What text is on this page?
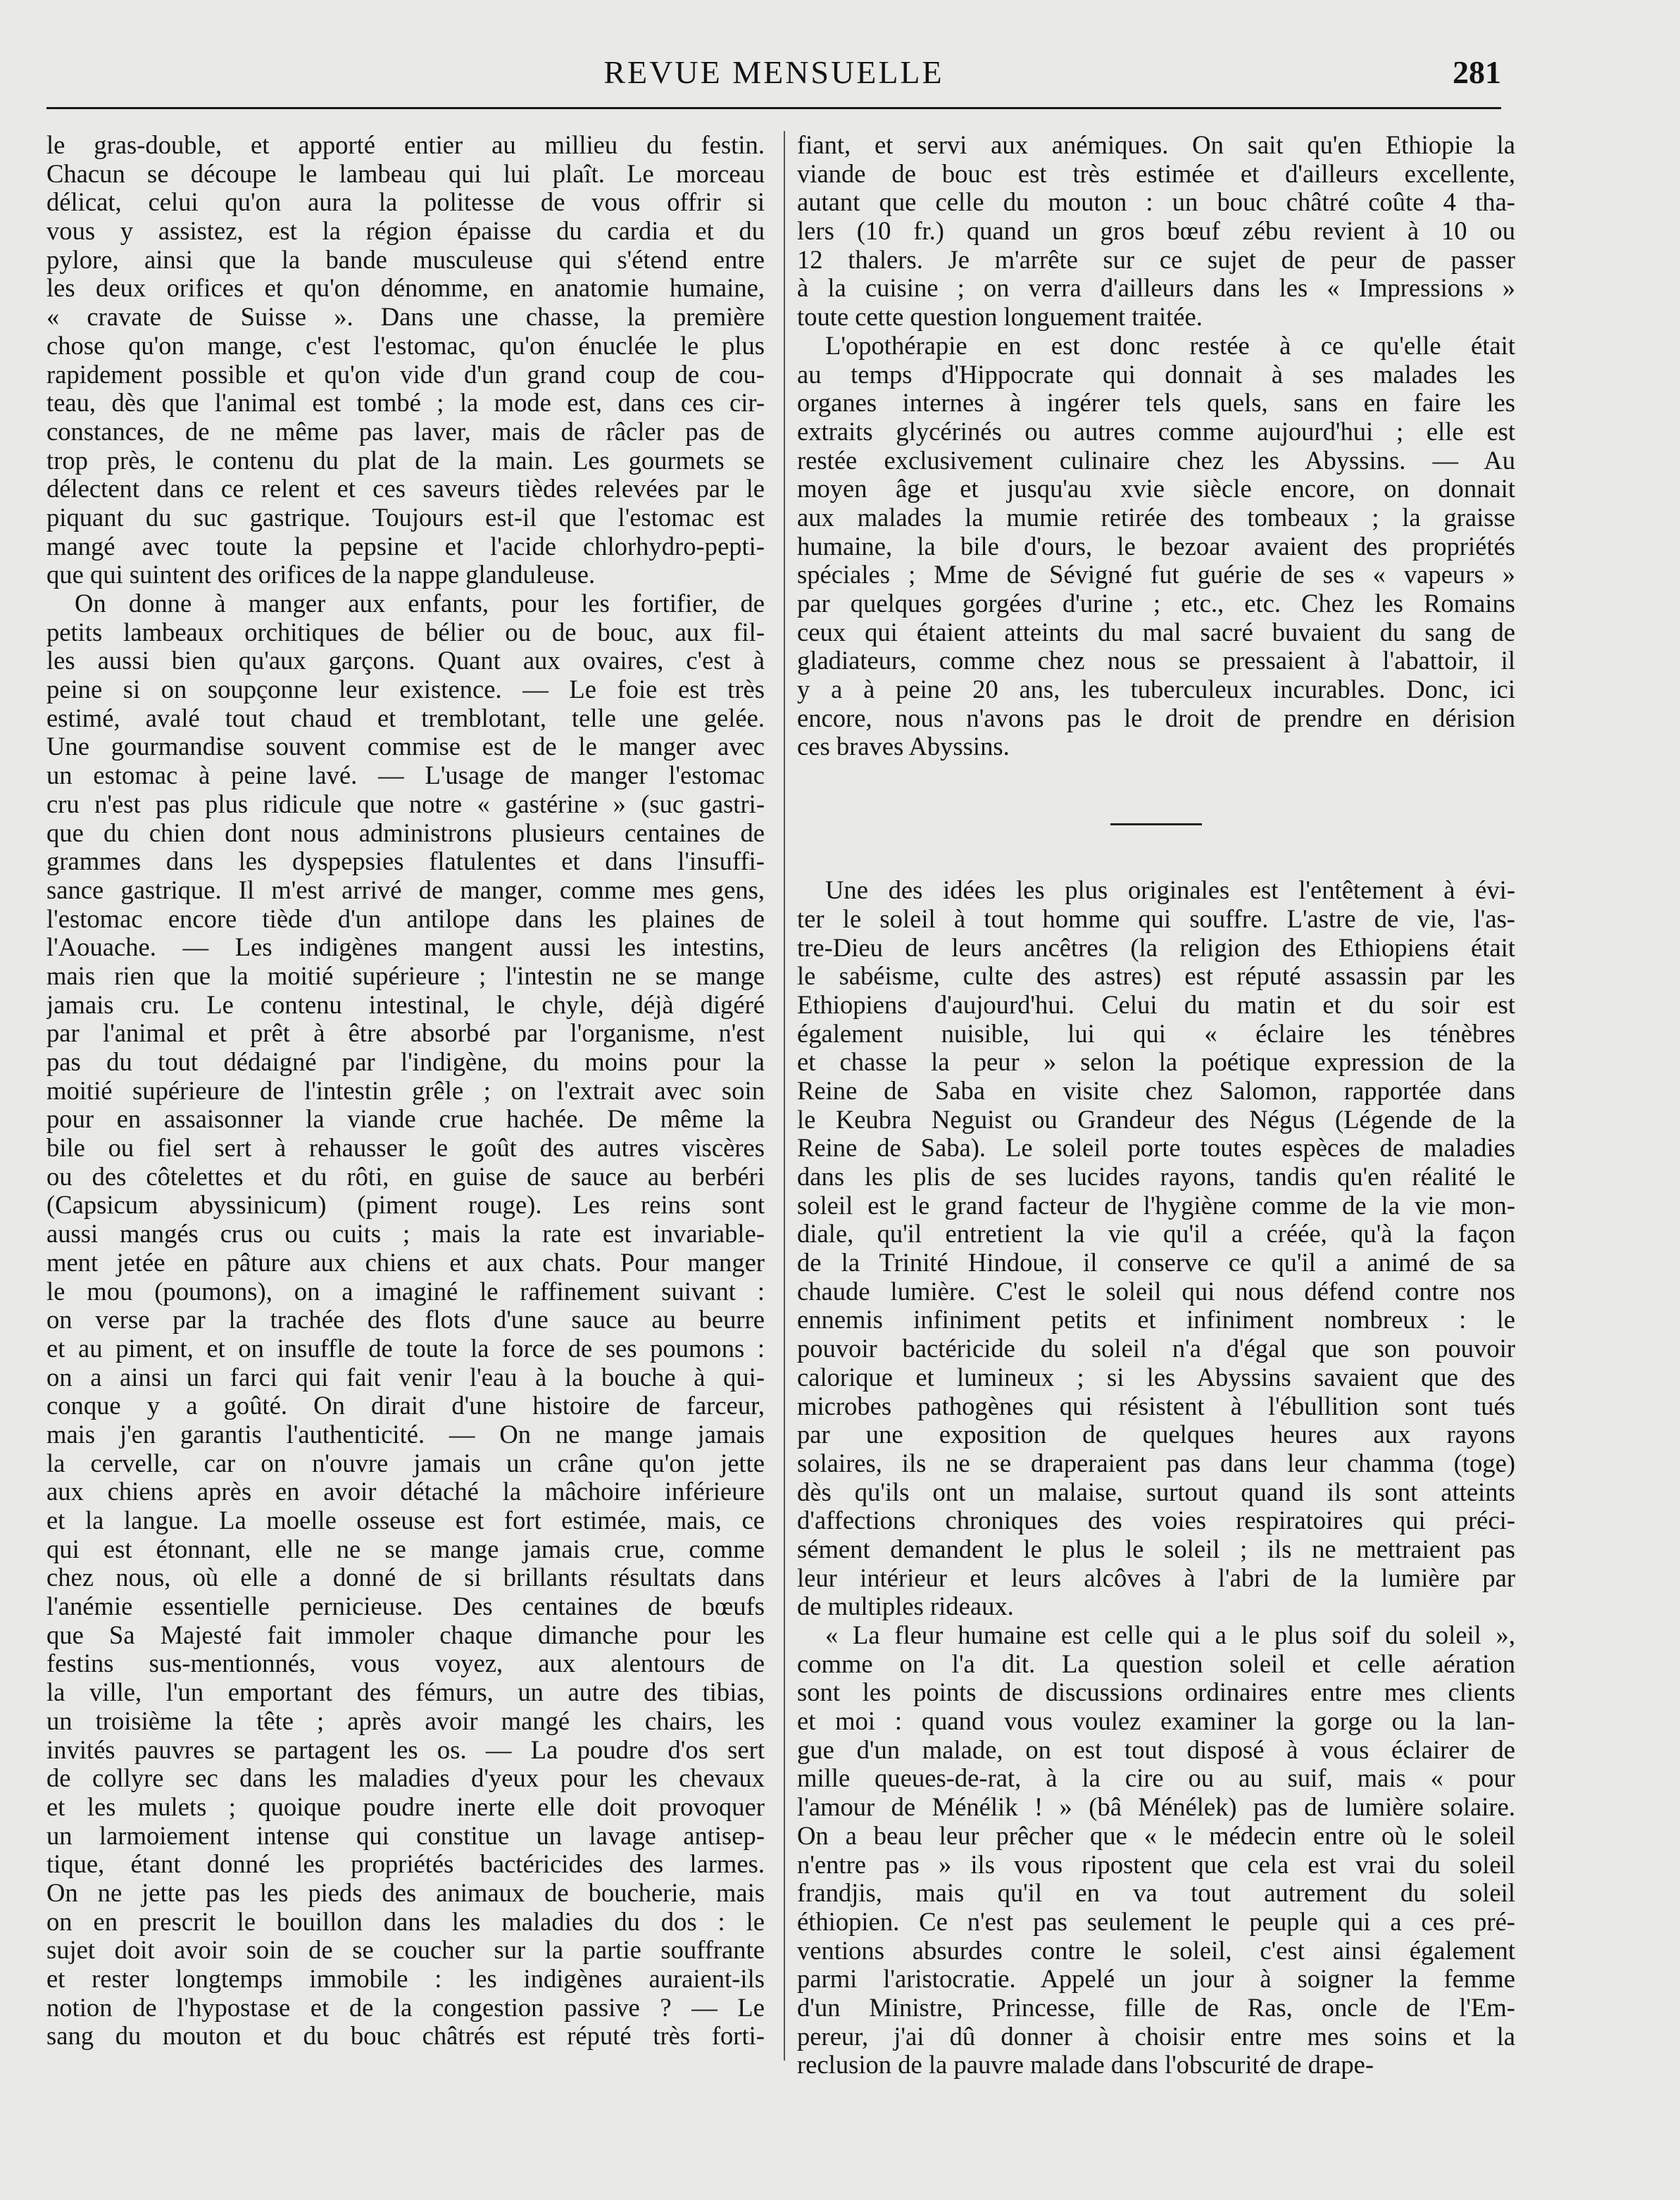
REVUE MENSUELLE	281
le gras-double, et apporté entier au millieu du festin.
Chacun se découpe le lambeau qui lui plaît. Le morceau
délicat, celui qu'on aura la politesse de vous offrir si
vous y assistez, est la région épaisse du cardia et du
pylore, ainsi que la bande musculeuse qui s'étend entre
les deux orifices et qu'on dénomme, en anatomie humaine,
« cravate de Suisse ». Dans une chasse, la première
chose qu'on mange, c'est l'estomac, qu'on énuclée le plus
rapidement possible et qu'on vide d'un grand coup de cou-
teau, dès que l'animal est tombé ; la mode est, dans ces cir-
constances, de ne même pas laver, mais de râcler pas de
trop près, le contenu du plat de la main. Les gourmets se
délectent dans ce relent et ces saveurs tièdes relevées par le
piquant du suc gastrique. Toujours est-il que l'estomac est
mangé avec toute la pepsine et l'acide chlorhydro-pepti-
que qui suintent des orifices de la nappe glanduleuse.
On donne à manger aux enfants, pour les fortifier, de
petits lambeaux orchitiques de bélier ou de bouc, aux fil-
les aussi bien qu'aux garçons. Quant aux ovaires, c'est à
peine si on soupçonne leur existence. — Le foie est très
estimé, avalé tout chaud et tremblotant, telle une gelée.
Une gourmandise souvent commise est de le manger avec
un estomac à peine lavé. — L'usage de manger l'estomac
cru n'est pas plus ridicule que notre « gastérine » (suc gastri-
que du chien dont nous administrons plusieurs centaines de
grammes dans les dyspepsies flatulentes et dans l'insuffi-
sance gastrique. Il m'est arrivé de manger, comme mes gens,
l'estomac encore tiède d'un antilope dans les plaines de
l'Aouache. — Les indigènes mangent aussi les intestins,
mais rien que la moitié supérieure ; l'intestin ne se mange
jamais cru. Le contenu intestinal, le chyle, déjà digéré
par l'animal et prêt à être absorbé par l'organisme, n'est
pas du tout dédaigné par l'indigène, du moins pour la
moitié supérieure de l'intestin grêle ; on l'extrait avec soin
pour en assaisonner la viande crue hachée. De même la
bile ou fiel sert à rehausser le goût des autres viscères
ou des côtelettes et du rôti, en guise de sauce au berbéri
(Capsicum abyssinicum) (piment rouge). Les reins sont
aussi mangés crus ou cuits ; mais la rate est invariable-
ment jetée en pâture aux chiens et aux chats. Pour manger
le mou (poumons), on a imaginé le raffinement suivant :
on verse par la trachée des flots d'une sauce au beurre
et au piment, et on insuffle de toute la force de ses poumons :
on a ainsi un farci qui fait venir l'eau à la bouche à qui-
conque y a goûté. On dirait d'une histoire de farceur,
mais j'en garantis l'authenticité. — On ne mange jamais
la cervelle, car on n'ouvre jamais un crâne qu'on jette
aux chiens après en avoir détaché la mâchoire inférieure
et la langue. La moelle osseuse est fort estimée, mais, ce
qui est étonnant, elle ne se mange jamais crue, comme
chez nous, où elle a donné de si brillants résultats dans
l'anémie essentielle pernicieuse. Des centaines de bœufs
que Sa Majesté fait immoler chaque dimanche pour les
festins sus-mentionnés, vous voyez, aux alentours de
la ville, l'un emportant des fémurs, un autre des tibias,
un troisième la tête ; après avoir mangé les chairs, les
invités pauvres se partagent les os. — La poudre d'os sert
de collyre sec dans les maladies d'yeux pour les chevaux
et les mulets ; quoique poudre inerte elle doit provoquer
un larmoiement intense qui constitue un lavage antisep-
tique, étant donné les propriétés bactéricides des larmes.
On ne jette pas les pieds des animaux de boucherie, mais
on en prescrit le bouillon dans les maladies du dos : le
sujet doit avoir soin de se coucher sur la partie souffrante
et rester longtemps immobile : les indigènes auraient-ils
notion de l'hypostase et de la congestion passive ? — Le
sang du mouton et du bouc châtrés est réputé très forti-
fiant, et servi aux anémiques. On sait qu'en Ethiopie la
viande de bouc est très estimée et d'ailleurs excellente,
autant que celle du mouton : un bouc châtré coûte 4 tha-
lers (10 fr.) quand un gros bœuf zébu revient à 10 ou
12 thalers. Je m'arrête sur ce sujet de peur de passer
à la cuisine ; on verra d'ailleurs dans les « Impressions »
toute cette question longuement traitée.
L'opothérapie en est donc restée à ce qu'elle était
au temps d'Hippocrate qui donnait à ses malades les
organes internes à ingérer tels quels, sans en faire les
extraits glycérinés ou autres comme aujourd'hui ; elle est
restée exclusivement culinaire chez les Abyssins. — Au
moyen âge et jusqu'au xvie siècle encore, on donnait
aux malades la mumie retirée des tombeaux ; la graisse
humaine, la bile d'ours, le bezoar avaient des propriétés
spéciales ; Mme de Sévigné fut guérie de ses « vapeurs »
par quelques gorgées d'urine ; etc., etc. Chez les Romains
ceux qui étaient atteints du mal sacré buvaient du sang de
gladiateurs, comme chez nous se pressaient à l'abattoir, il
y a à peine 20 ans, les tuberculeux incurables. Donc, ici
encore, nous n'avons pas le droit de prendre en dérision
ces braves Abyssins.
Une des idées les plus originales est l'entêtement à évi-
ter le soleil à tout homme qui souffre. L'astre de vie, l'as-
tre-Dieu de leurs ancêtres (la religion des Ethiopiens était
le sabéisme, culte des astres) est réputé assassin par les
Ethiopiens d'aujourd'hui. Celui du matin et du soir est
également nuisible, lui qui « éclaire les ténèbres
et chasse la peur » selon la poétique expression de la
Reine de Saba en visite chez Salomon, rapportée dans
le Keubra Neguist ou Grandeur des Négus (Légende de la
Reine de Saba). Le soleil porte toutes espèces de maladies
dans les plis de ses lucides rayons, tandis qu'en réalité le
soleil est le grand facteur de l'hygiène comme de la vie mon-
diale, qu'il entretient la vie qu'il a créée, qu'à la façon
de la Trinité Hindoue, il conserve ce qu'il a animé de sa
chaude lumière. C'est le soleil qui nous défend contre nos
ennemis infiniment petits et infiniment nombreux : le
pouvoir bactéricide du soleil n'a d'égal que son pouvoir
calorique et lumineux ; si les Abyssins savaient que des
microbes pathogènes qui résistent à l'ébullition sont tués
par une exposition de quelques heures aux rayons
solaires, ils ne se draperaient pas dans leur chamma (toge)
dès qu'ils ont un malaise, surtout quand ils sont atteints
d'affections chroniques des voies respiratoires qui préci-
sément demandent le plus le soleil ; ils ne mettraient pas
leur intérieur et leurs alcôves à l'abri de la lumière par
de multiples rideaux.
« La fleur humaine est celle qui a le plus soif du soleil »,
comme on l'a dit. La question soleil et celle aération
sont les points de discussions ordinaires entre mes clients
et moi : quand vous voulez examiner la gorge ou la lan-
gue d'un malade, on est tout disposé à vous éclairer de
mille queues-de-rat, à la cire ou au suif, mais « pour
l'amour de Ménélik ! » (bâ Ménélek) pas de lumière solaire.
On a beau leur prêcher que « le médecin entre où le soleil
n'entre pas » ils vous ripostent que cela est vrai du soleil
frandjis, mais qu'il en va tout autrement du soleil
éthiopien. Ce n'est pas seulement le peuple qui a ces pré-
ventions absurdes contre le soleil, c'est ainsi également
parmi l'aristocratie. Appelé un jour à soigner la femme
d'un Ministre, Princesse, fille de Ras, oncle de l'Em-
pereur, j'ai dû donner à choisir entre mes soins et la
reclusion de la pauvre malade dans l'obscurité de drape-
